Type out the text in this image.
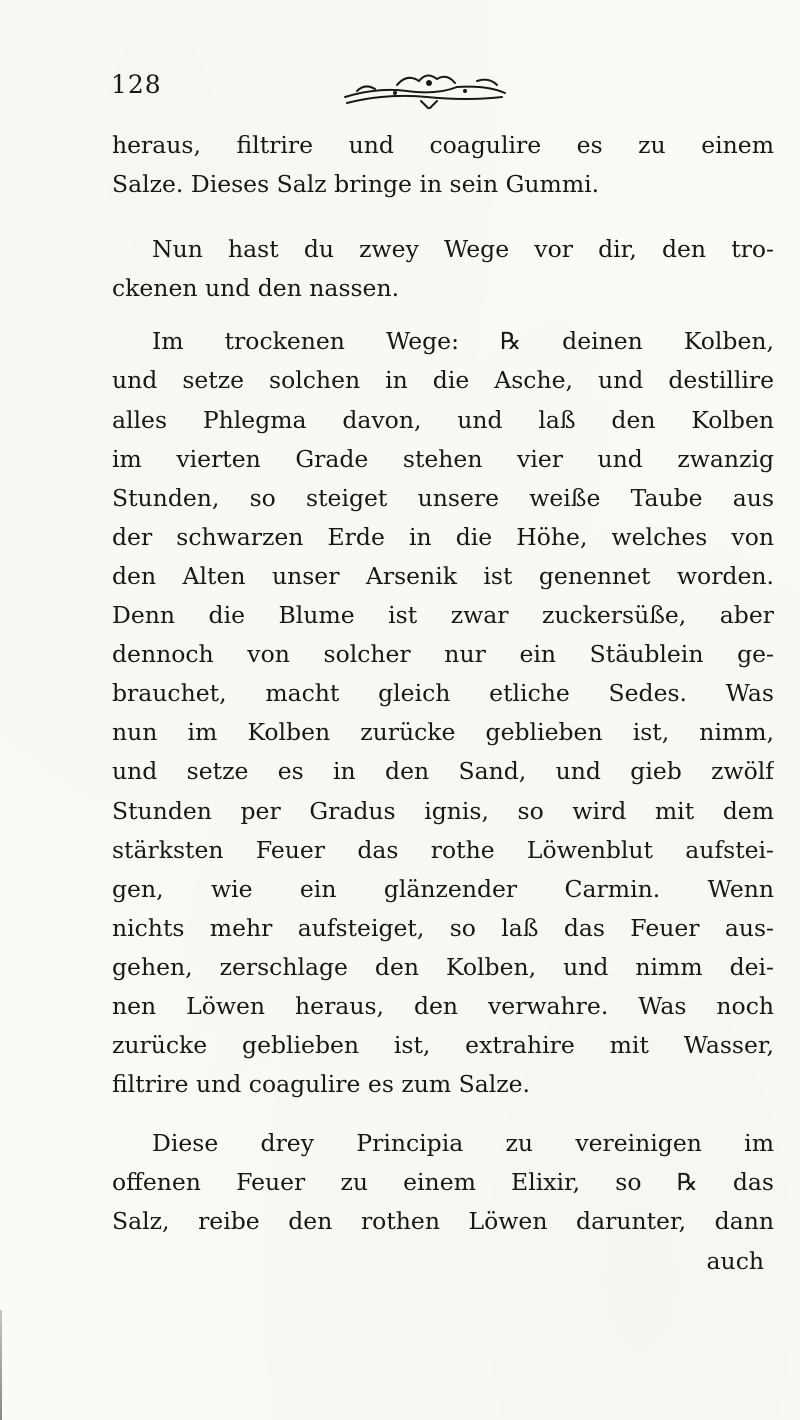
128
heraus, filtrire und coagulire es zu einem
Salze. Dieses Salz bringe in sein Gummi.
Nun hast du zwey Wege vor dir, den tro-
ckenen und den nassen.
Im trockenen Wege: ℞ deinen Kolben,
und setze solchen in die Asche, und destillire
alles Phlegma davon, und laß den Kolben
im vierten Grade stehen vier und zwanzig
Stunden, so steiget unsere weiße Taube aus
der schwarzen Erde in die Höhe, welches von
den Alten unser Arsenik ist genennet worden.
Denn die Blume ist zwar zuckersüße, aber
dennoch von solcher nur ein Stäublein ge-
brauchet, macht gleich etliche Sedes. Was
nun im Kolben zurücke geblieben ist, nimm,
und setze es in den Sand, und gieb zwölf
Stunden per Gradus ignis, so wird mit dem
stärksten Feuer das rothe Löwenblut aufstei-
gen, wie ein glänzender Carmin. Wenn
nichts mehr aufsteiget, so laß das Feuer aus-
gehen, zerschlage den Kolben, und nimm dei-
nen Löwen heraus, den verwahre. Was noch
zurücke geblieben ist, extrahire mit Wasser,
filtrire und coagulire es zum Salze.
Diese drey Principia zu vereinigen im
offenen Feuer zu einem Elixir, so ℞ das
Salz, reibe den rothen Löwen darunter, dann
auch
